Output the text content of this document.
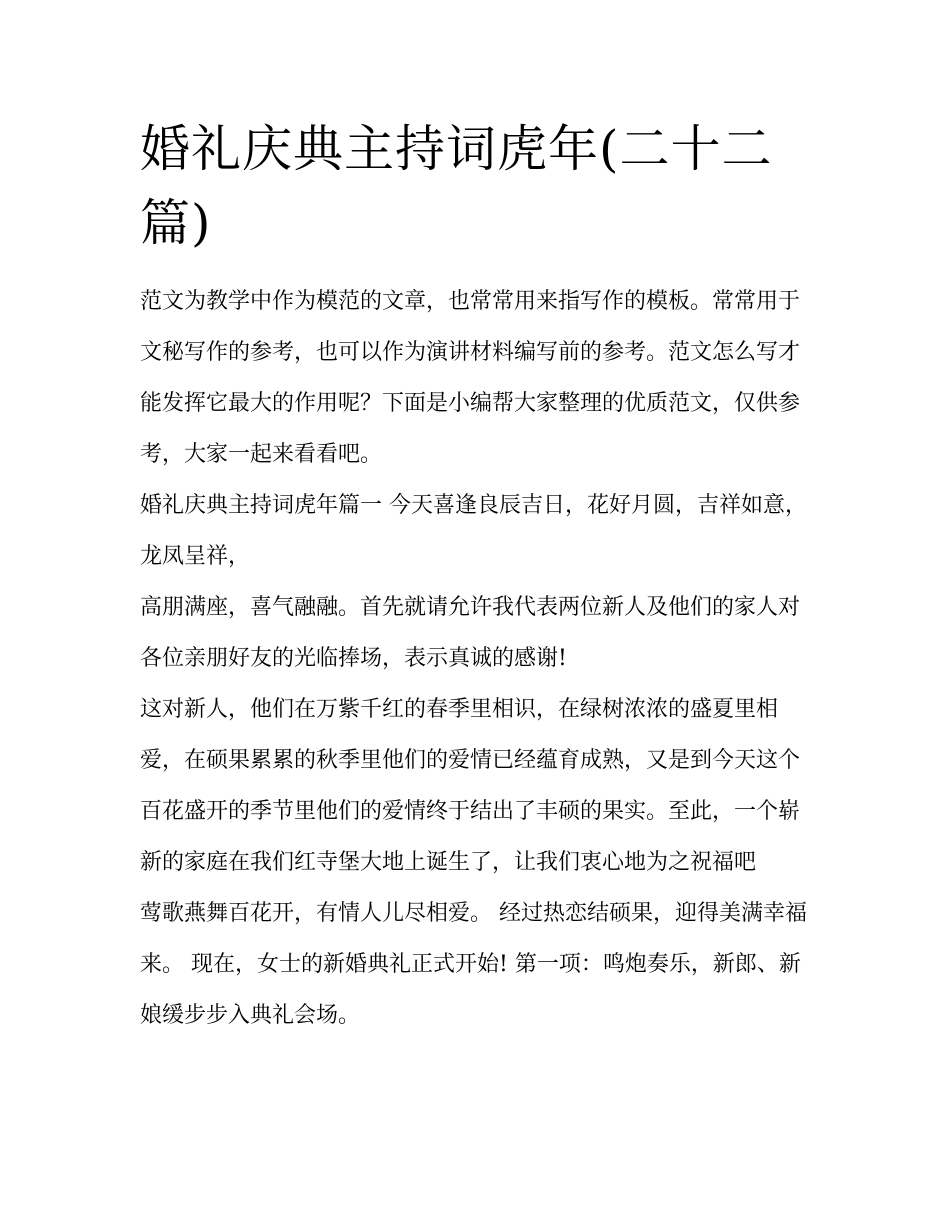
婚礼庆典主持词虎年(二十二篇)

范文为教学中作为模范的文章，也常常用来指写作的模板。常常用于文秘写作的参考，也可以作为演讲材料编写前的参考。范文怎么写才能发挥它最大的作用呢？下面是小编帮大家整理的优质范文，仅供参考，大家一起来看看吧。

婚礼庆典主持词虎年篇一 今天喜逢良辰吉日，花好月圆，吉祥如意，龙凤呈祥，

高朋满座，喜气融融。首先就请允许我代表两位新人及他们的家人对各位亲朋好友的光临捧场，表示真诚的感谢!

这对新人，他们在万紫千红的春季里相识，在绿树浓浓的盛夏里相爱，在硕果累累的秋季里他们的爱情已经蕴育成熟，又是到今天这个百花盛开的季节里他们的爱情终于结出了丰硕的果实。至此，一个崭新的家庭在我们红寺堡大地上诞生了，让我们衷心地为之祝福吧

莺歌燕舞百花开，有情人儿尽相爱。 经过热恋结硕果，迎得美满幸福来。 现在，女士的新婚典礼正式开始! 第一项：鸣炮奏乐，新郎、新娘缓步步入典礼会场。
